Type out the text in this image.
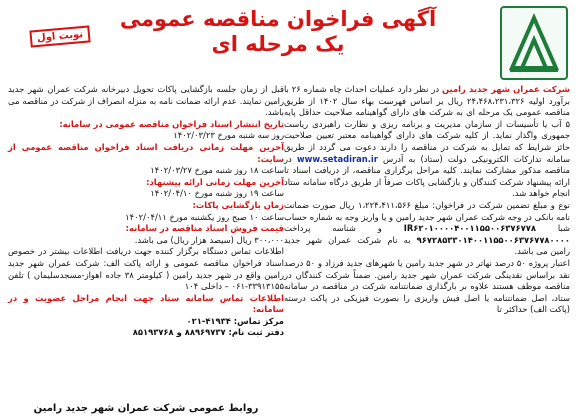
نوبت اول
آگهی فراخوان مناقصه عمومی
یک مرحله ای

شرکت عمران شهر جدید رامین در نظر دارد عملیات احداث چاه شماره ۲۶ با برآورد اولیه ۲۴،۴۶۸،۲۳۱،۳۲۶ ریال بر اساس فهرست بهاء سال ۱۴۰۲ از طریق مناقصه عمومی یک مرحله ای به شرکت های دارای گواهینامه صلاحیت حداقل پایه ۵ آب یا تأسیسات از سازمان مدیریت و برنامه ریزی و نظارت راهبردی ریاست جمهوری واگذار نماید. از کلیه شرکت های دارای گواهینامه معتبر تعیین صلاحیت حائز شرایط که تمایل به شرکت در مناقصه را دارند دعوت می گردد از طریق سامانه تدارکات الکترونیکی دولت (ستاد) به آدرس www.setadiran.ir در مناقصه مذکور مشارکت نمایند. کلیه مراحل برگزاری مناقصه، از دریافت اسناد تا ارائه پیشنهاد شرکت کنندگان و بازگشایی پاکات صرفاً از طریق درگاه سامانه ستاد انجام خواهد شد.

نوع و مبلغ تضمین شرکت در فراخوان: مبلغ ۱،۲۲۴،۴۱۱،۵۶۶ ریال صورت ضمانت نامه بانکی در وجه شرکت عمران شهر جدید رامین و یا واریز وجه به شماره حساب شبا IR۶۲۰۱۰۰۰۰۴۰۰۱۱۵۵۰۰۶۳۷۶۷۷۸ و شناسه پرداخت ۹۶۷۲۸۵۳۳۰۱۴۰۰۱۱۵۵۰۰۶۳۷۶۷۷۸۰۰۰۰ به نام شرکت عمران شهر جدید رامین می باشد.

اعتبار پروژه ۵۰ درصد نهاتر در شهر جدید رامین یا شهرهای جدید فرزاد و ۵۰ درصد نقد براساس نقدینگی شرکت عمران شهر جدید رامین. ضمناً شرکت کنندگان در مناقصه موظف هستند علاوه بر بارگذاری ضمانتنامه شرکت در مناقصه در سامانه ستاد، اصل ضمانتنامه یا اصل فیش واریزی را بصورت فیزیکی در پاکت درسته (پاکت الف) حداکثر تا

قبل از زمان جلسه بازگشایی پاکات تحویل دبیرخانه شرکت عمران شهر جدید رامین نمایند. عدم ارائه ضمانت نامه به منزله انصراف از شرکت در مناقصه می باشد.

تاریخ انتشار اسناد فراخوان مناقصه عمومی در سامانه:

روز سه شنبه مورخ ۱۴۰۲/۰۳/۲۳

آخرین مهلت زمانی دریافت اسناد فراخوان مناقصه عمومی از سایت:

ساعت ۱۸ روز شنبه مورخ ۱۴۰۲/۰۳/۲۷

آخرین مهلت زمانی ارائه پیشنهاد:

ساعت ۱۹ روز شنبه مورخ ۱۴۰۲/۰۴/۱۰

زمان بازگشایی پاکات:

ساعت ۱۰ صبح روز یکشنبه مورخ ۱۴۰۲/۰۴/۱۱

قیمت فروش اسناد مناقصه در سامانه:

۳۰۰،۰۰۰ ریال (سیصد هزار ریال) می باشد.

اطلاعات تماس دستگاه برگزار کننده جهت دریافت اطلاعات بیشتر در خصوص اسناد فراخوان مناقصه عمومی و ارائه پاکت الف: شرکت عمران شهر جدید رامین واقع در شهر جدید رامین ( کیلومتر ۳۸ جاده اهواز-مسجدسلیمان ) تلفن ۳۳۹۱۳۱۵۵-۰۶۱ – داخلی ۱۰۴

اطلاعات تماس سامانه ستاد جهت انجام مراحل عضویت و در سامانه:

مرکز تماس: ۴۱۹۳۴-۰۲۱

دفتر ثبت نام: ۸۸۹۶۹۷۳۷ و ۸۵۱۹۳۷۶۸

روابط عمومی شرکت عمران شهر جدید رامین
